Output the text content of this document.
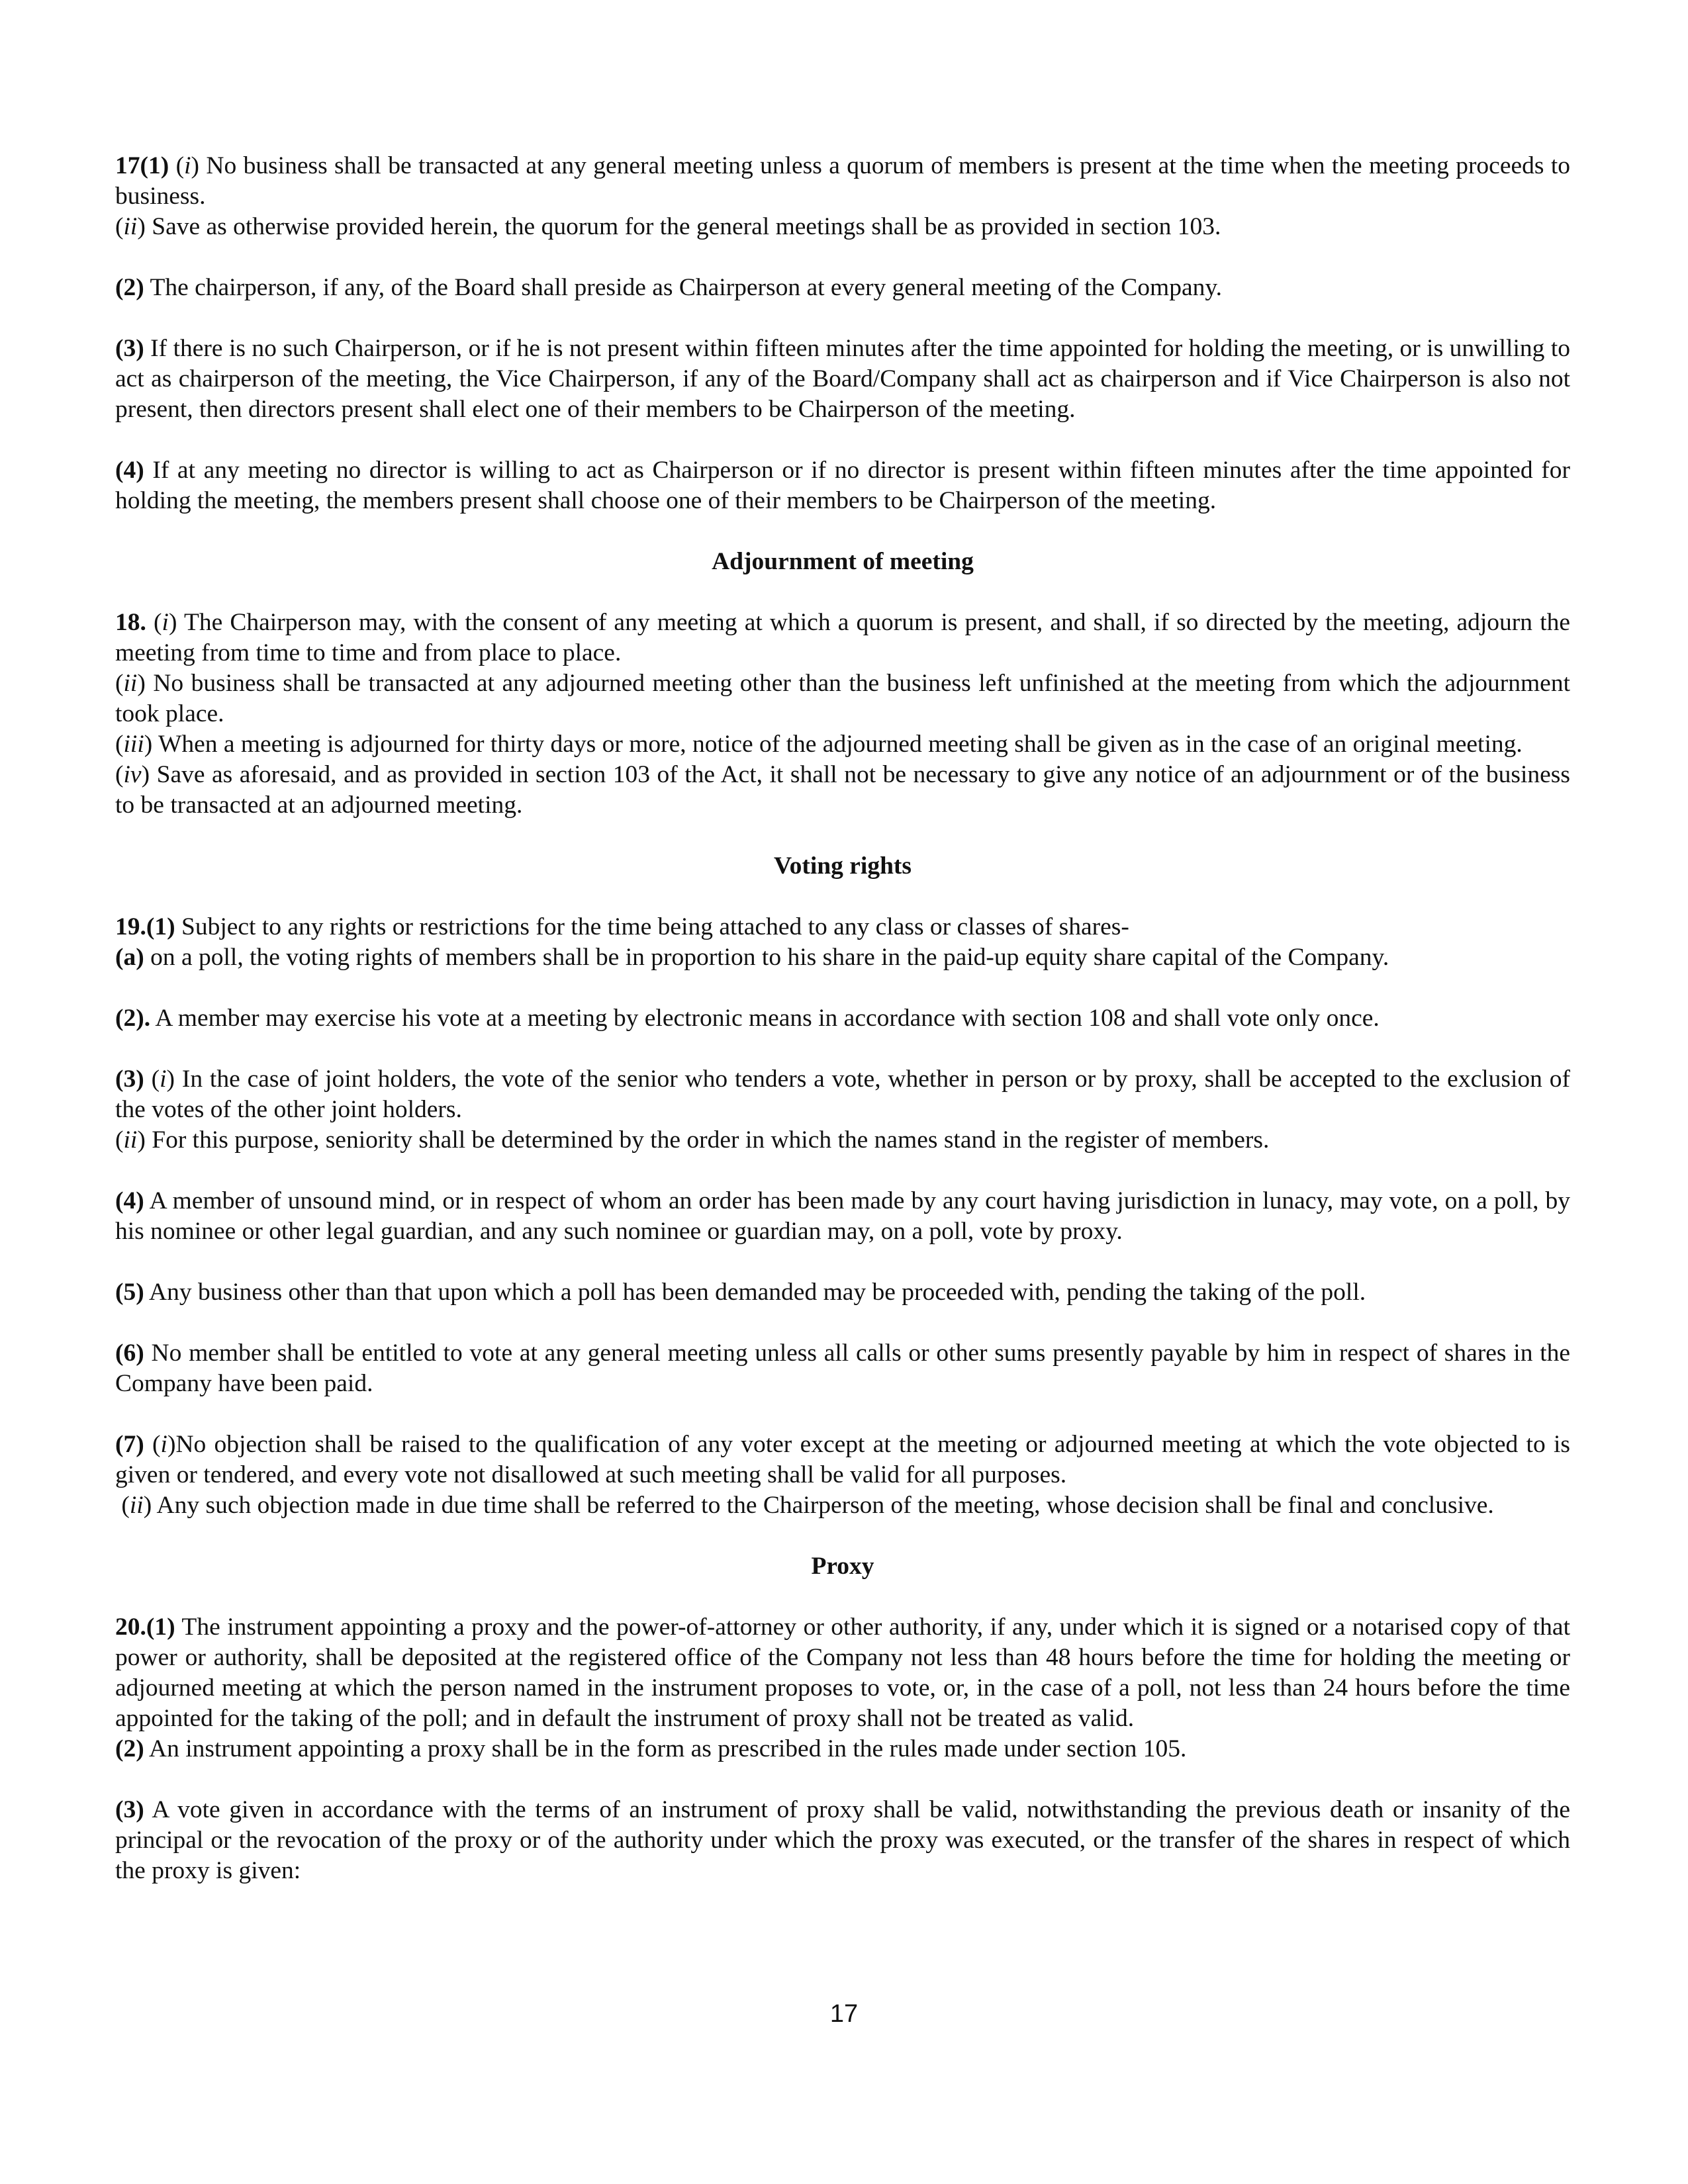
17(1) (i) No business shall be transacted at any general meeting unless a quorum of members is present at the time when the meeting proceeds to business.

(ii) Save as otherwise provided herein, the quorum for the general meetings shall be as provided in section 103.

(2) The chairperson, if any, of the Board shall preside as Chairperson at every general meeting of the Company.

(3) If there is no such Chairperson, or if he is not present within fifteen minutes after the time appointed for holding the meeting, or is unwilling to act as chairperson of the meeting, the Vice Chairperson, if any of the Board/Company shall act as chairperson and if Vice Chairperson is also not present, then directors present shall elect one of their members to be Chairperson of the meeting.

(4) If at any meeting no director is willing to act as Chairperson or if no director is present within fifteen minutes after the time appointed for holding the meeting, the members present shall choose one of their members to be Chairperson of the meeting.

Adjournment of meeting

18. (i) The Chairperson may, with the consent of any meeting at which a quorum is present, and shall, if so directed by the meeting, adjourn the meeting from time to time and from place to place.

(ii) No business shall be transacted at any adjourned meeting other than the business left unfinished at the meeting from which the adjournment took place.

(iii) When a meeting is adjourned for thirty days or more, notice of the adjourned meeting shall be given as in the case of an original meeting.

(iv) Save as aforesaid, and as provided in section 103 of the Act, it shall not be necessary to give any notice of an adjournment or of the business to be transacted at an adjourned meeting.

Voting rights

19.(1) Subject to any rights or restrictions for the time being attached to any class or classes of shares-

(a) on a poll, the voting rights of members shall be in proportion to his share in the paid-up equity share capital of the Company.

(2). A member may exercise his vote at a meeting by electronic means in accordance with section 108 and shall vote only once.

(3) (i) In the case of joint holders, the vote of the senior who tenders a vote, whether in person or by proxy, shall be accepted to the exclusion of the votes of the other joint holders.

(ii) For this purpose, seniority shall be determined by the order in which the names stand in the register of members.

(4) A member of unsound mind, or in respect of whom an order has been made by any court having jurisdiction in lunacy, may vote, on a poll, by his nominee or other legal guardian, and any such nominee or guardian may, on a poll, vote by proxy.

(5) Any business other than that upon which a poll has been demanded may be proceeded with, pending the taking of the poll.

(6) No member shall be entitled to vote at any general meeting unless all calls or other sums presently payable by him in respect of shares in the Company have been paid.

(7) (i)No objection shall be raised to the qualification of any voter except at the meeting or adjourned meeting at which the vote objected to is given or tendered, and every vote not disallowed at such meeting shall be valid for all purposes.

(ii) Any such objection made in due time shall be referred to the Chairperson of the meeting, whose decision shall be final and conclusive.

Proxy

20.(1) The instrument appointing a proxy and the power-of-attorney or other authority, if any, under which it is signed or a notarised copy of that power or authority, shall be deposited at the registered office of the Company not less than 48 hours before the time for holding the meeting or adjourned meeting at which the person named in the instrument proposes to vote, or, in the case of a poll, not less than 24 hours before the time appointed for the taking of the poll; and in default the instrument of proxy shall not be treated as valid.

(2) An instrument appointing a proxy shall be in the form as prescribed in the rules made under section 105.

(3) A vote given in accordance with the terms of an instrument of proxy shall be valid, notwithstanding the previous death or insanity of the principal or the revocation of the proxy or of the authority under which the proxy was executed, or the transfer of the shares in respect of which the proxy is given:

17
